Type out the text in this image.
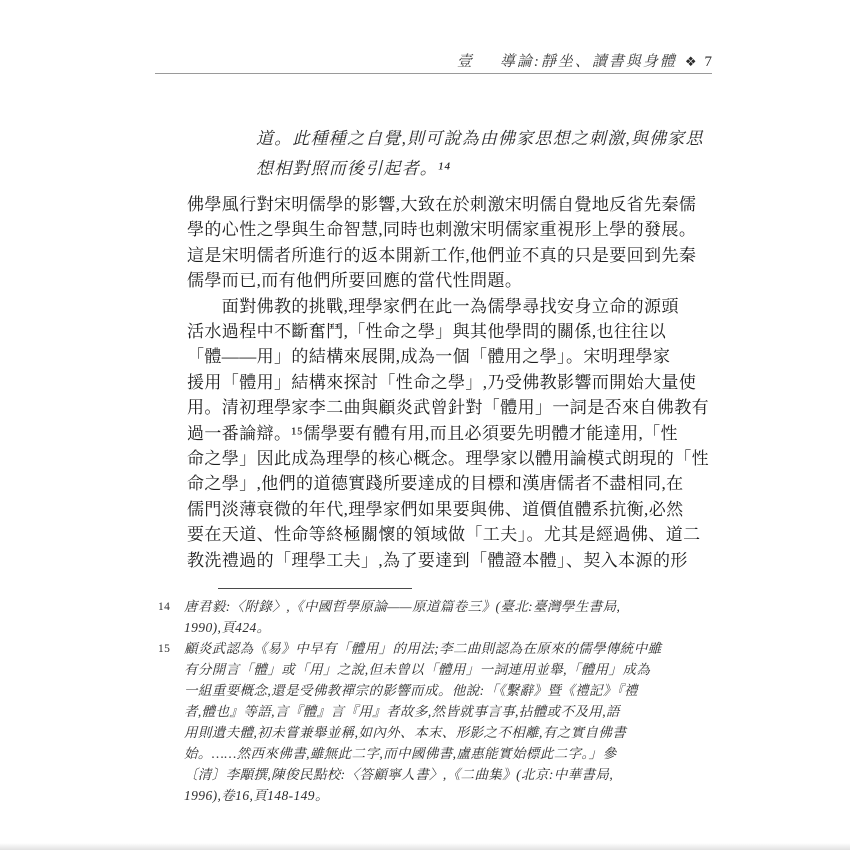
壹 導論:靜坐、讀書與身體 ❖ 7
道。此種種之自覺,則可說為由佛家思想之刺激,與佛家思
想相對照而後引起者。¹⁴
佛學風行對宋明儒學的影響,大致在於刺激宋明儒自覺地反省先秦儒
學的心性之學與生命智慧,同時也刺激宋明儒家重視形上學的發展。
這是宋明儒者所進行的返本開新工作,他們並不真的只是要回到先秦
儒學而已,而有他們所要回應的當代性問題。
　　面對佛教的挑戰,理學家們在此一為儒學尋找安身立命的源頭
活水過程中不斷奮鬥,「性命之學」與其他學問的關係,也往往以
「體——用」的結構來展開,成為一個「體用之學」。宋明理學家
援用「體用」結構來探討「性命之學」,乃受佛教影響而開始大量使
用。清初理學家李二曲與顧炎武曾針對「體用」一詞是否來自佛教有
過一番論辯。¹⁵儒學要有體有用,而且必須要先明體才能達用,「性
命之學」因此成為理學的核心概念。理學家以體用論模式朗現的「性
命之學」,他們的道德實踐所要達成的目標和漢唐儒者不盡相同,在
儒門淡薄衰微的年代,理學家們如果要與佛、道價值體系抗衡,必然
要在天道、性命等終極關懷的領域做「工夫」。尤其是經過佛、道二
教洗禮過的「理學工夫」,為了要達到「體證本體」、契入本源的形
14	唐君毅:〈附錄〉,《中國哲學原論——原道篇卷三》(臺北:臺灣學生書局,
1990),頁424。
15	顧炎武認為《易》中早有「體用」的用法;李二曲則認為在原來的儒學傳統中雖
有分開言「體」或「用」之說,但未曾以「體用」一詞連用並舉,「體用」成為
一組重要概念,還是受佛教禪宗的影響而成。他說:「《繫辭》暨《禮記》『禮
者,體也』等語,言『體』言『用』者故多,然皆就事言事,拈體或不及用,語
用則遺夫體,初未嘗兼舉並稱,如內外、本末、形影之不相離,有之實自佛書
始。……然西來佛書,雖無此二字,而中國佛書,盧惠能實始標此二字。」參
〔清〕李顒撰,陳俊民點校:〈答顧寧人書〉,《二曲集》(北京:中華書局,
1996),卷16,頁148-149。
